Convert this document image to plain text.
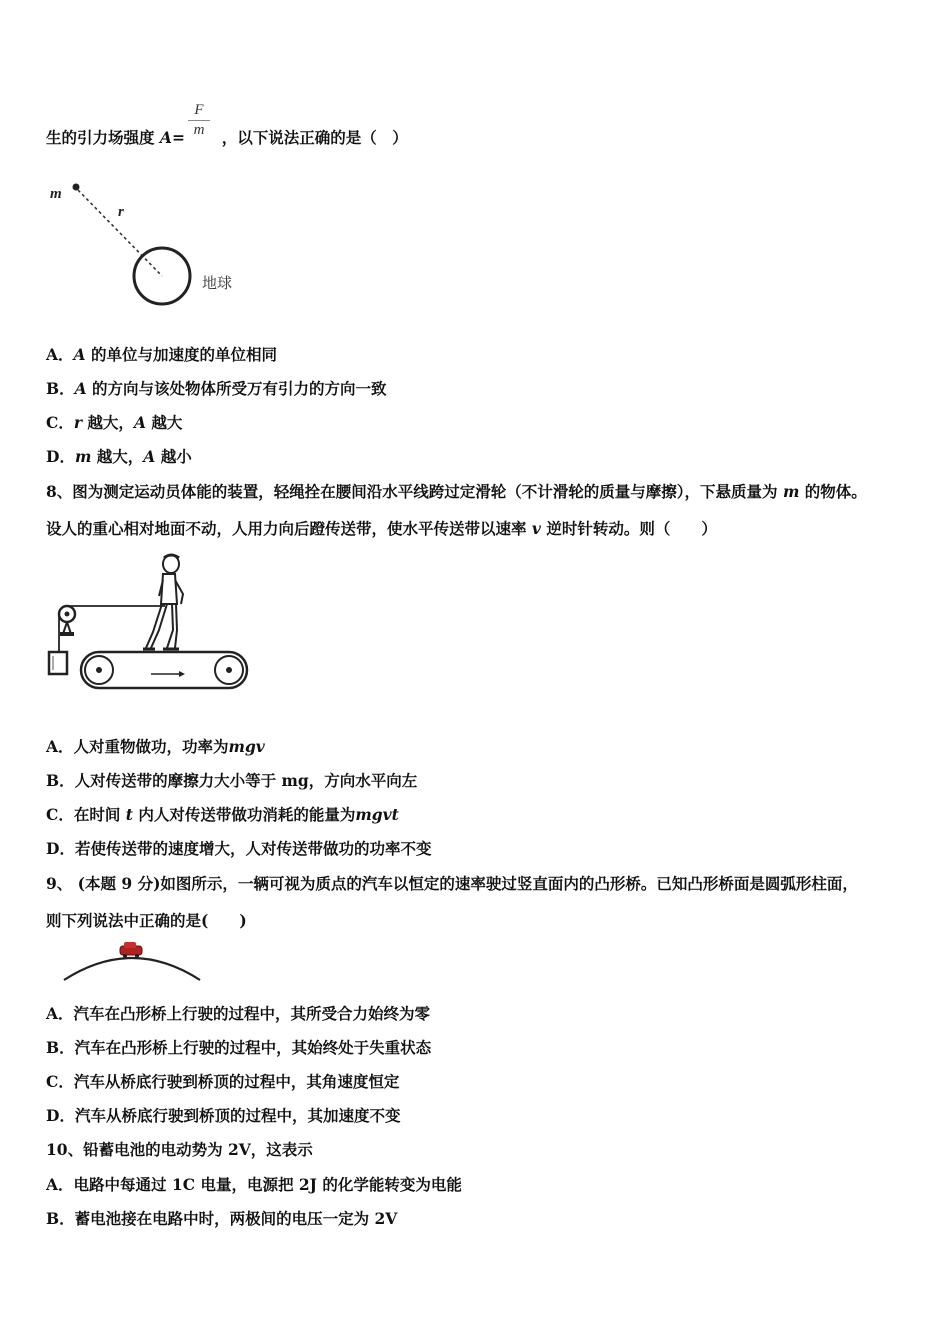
生的引力场强度 A= ，以下说法正确的是（　）
F
m
m
r
地球
A．A 的单位与加速度的单位相同
B．A 的方向与该处物体所受万有引力的方向一致
C．r 越大，A 越大
D．m 越大，A 越小
8、图为测定运动员体能的装置，轻绳拴在腰间沿水平线跨过定滑轮（不计滑轮的质量与摩擦），下悬质量为 m 的物体。
设人的重心相对地面不动，人用力向后蹬传送带，使水平传送带以速率 v 逆时针转动。则（　　）
A．人对重物做功，功率为mgv
B．人对传送带的摩擦力大小等于 mg，方向水平向左
C．在时间 t 内人对传送带做功消耗的能量为mgvt
D．若使传送带的速度增大，人对传送带做功的功率不变
9、 (本题 9 分)如图所示，一辆可视为质点的汽车以恒定的速率驶过竖直面内的凸形桥。已知凸形桥面是圆弧形柱面，
则下列说法中正确的是(　　)
A．汽车在凸形桥上行驶的过程中，其所受合力始终为零
B．汽车在凸形桥上行驶的过程中，其始终处于失重状态
C．汽车从桥底行驶到桥顶的过程中，其角速度恒定
D．汽车从桥底行驶到桥顶的过程中，其加速度不变
10、铅蓄电池的电动势为 2V，这表示
A．电路中每通过 1C 电量，电源把 2J 的化学能转变为电能
B．蓄电池接在电路中时，两极间的电压一定为 2V
